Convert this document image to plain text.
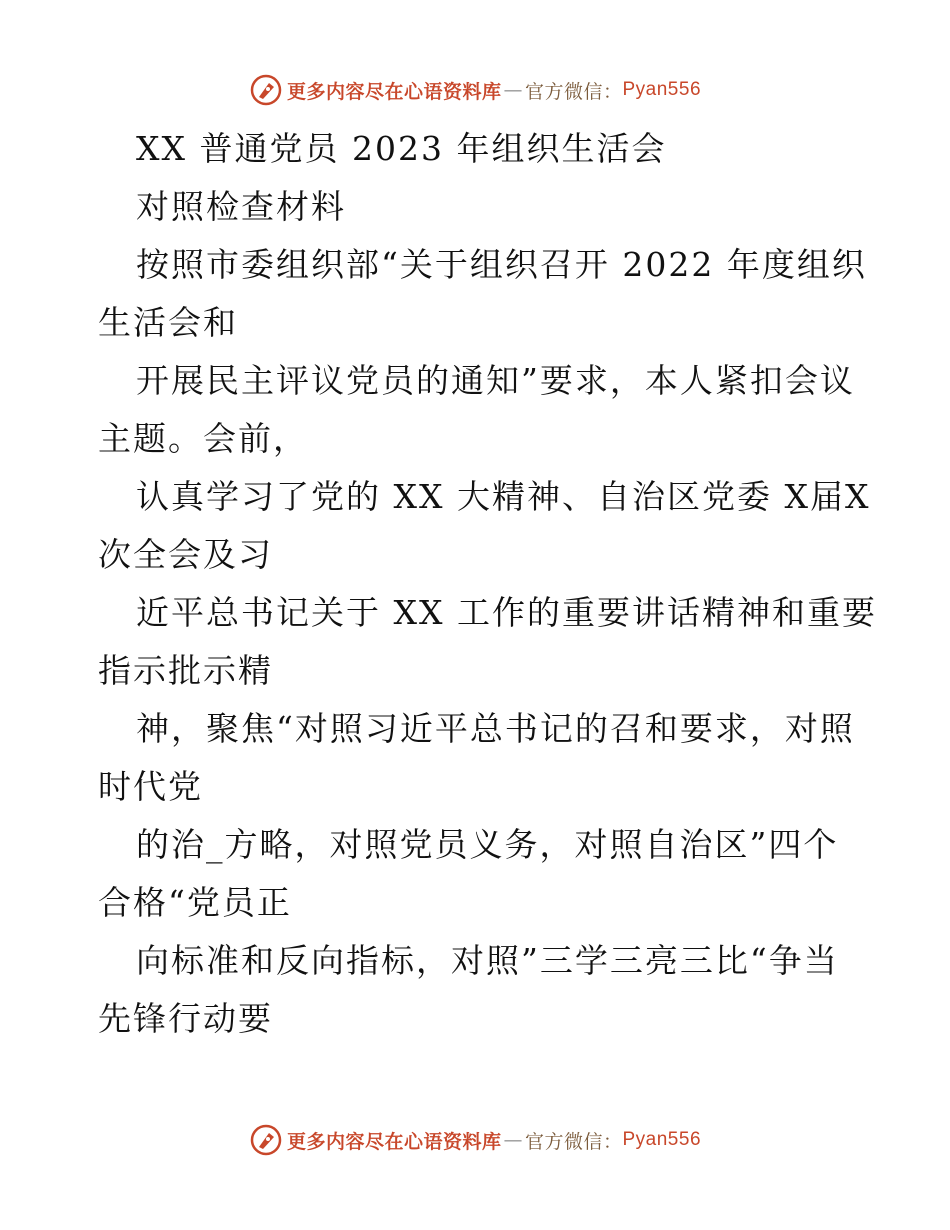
更多内容尽在心语资料库 — 官方微信： Pyan556
XX 普通党员 2023 年组织生活会
对照检查材料
按照市委组织部“关于组织召开 2022 年度组织
生活会和
开展民主评议党员的通知”要求，本人紧扣会议
主题。会前，
认真学习了党的 XX 大精神、自治区党委 X届X
次全会及习
近平总书记关于 XX 工作的重要讲话精神和重要
指示批示精
神，聚焦“对照习近平总书记的召和要求，对照
时代党
的治_方略，对照党员义务，对照自治区”四个
合格“党员正
向标准和反向指标，对照”三学三亮三比“争当
先锋行动要
更多内容尽在心语资料库 — 官方微信： Pyan556
